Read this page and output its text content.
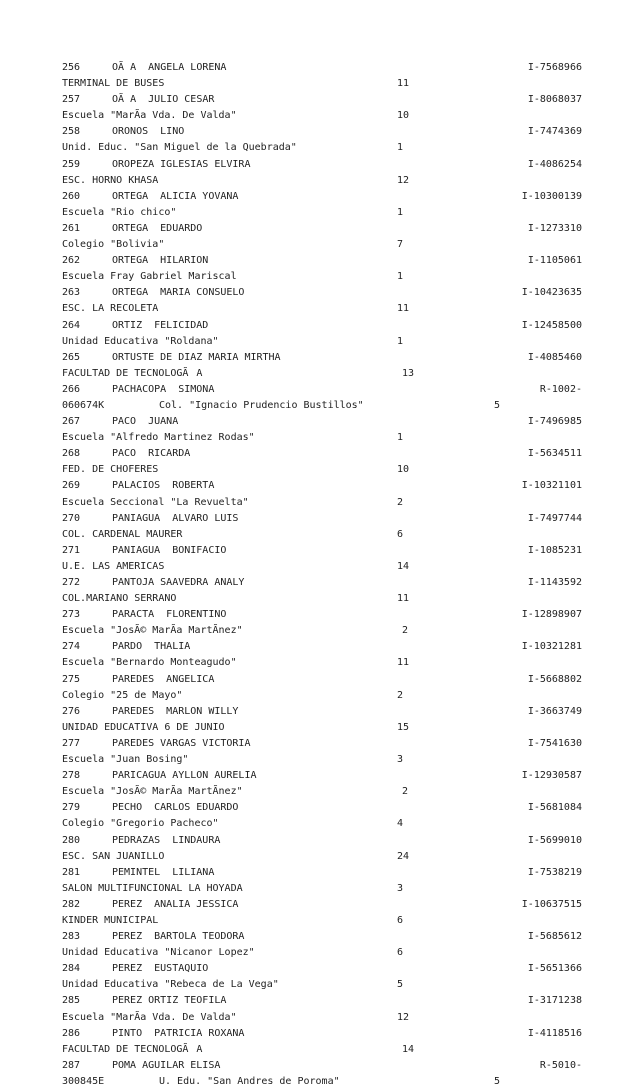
256	OÃA  ANGELA LORENA	I-7568966
TERMINAL DE BUSES	11
257	OÃA  JULIO CESAR	I-8068037
Escuela "MarÃa Vda. De Valda"	10
258	ORONOS  LINO	I-7474369
Unid. Educ. "San Miguel de la Quebrada"	1
259	OROPEZA IGLESIAS ELVIRA	I-4086254
ESC. HORNO KHASA	12
260	ORTEGA  ALICIA YOVANA	I-10300139
Escuela "Rio chico"	1
261	ORTEGA  EDUARDO	I-1273310
Colegio "Bolivia"	7
262	ORTEGA  HILARION	I-1105061
Escuela Fray Gabriel Mariscal	1
263	ORTEGA  MARIA CONSUELO	I-10423635
ESC. LA RECOLETA	11
264	ORTIZ  FELICIDAD	I-12458500
Unidad Educativa "Roldana"	1
265	ORTUSTE DE DIAZ MARIA MIRTHA	I-4085460
FACULTAD DE TECNOLOGÃA	13
266	PACHACOPA  SIMONA	R-1002-
060674K	Col. "Ignacio Prudencio Bustillos"	5
267	PACO  JUANA	I-7496985
Escuela "Alfredo Martinez Rodas"	1
268	PACO  RICARDA	I-5634511
FED. DE CHOFERES	10
269	PALACIOS  ROBERTA	I-10321101
Escuela Seccional "La Revuelta"	2
270	PANIAGUA  ALVARO LUIS	I-7497744
COL. CARDENAL MAURER	6
271	PANIAGUA  BONIFACIO	I-1085231
U.E. LAS AMERICAS	14
272	PANTOJA SAAVEDRA ANALY	I-1143592
COL.MARIANO SERRANO	11
273	PARACTA  FLORENTINO	I-12898907
Escuela "JosÃ© MarÃa MartÃnez"	2
274	PARDO  THALIA	I-10321281
Escuela "Bernardo Monteagudo"	11
275	PAREDES  ANGELICA	I-5668802
Colegio "25 de Mayo"	2
276	PAREDES  MARLON WILLY	I-3663749
UNIDAD EDUCATIVA 6 DE JUNIO	15
277	PAREDES VARGAS VICTORIA	I-7541630
Escuela "Juan Bosing"	3
278	PARICAGUA AYLLON AURELIA	I-12930587
Escuela "JosÃ© MarÃa MartÃnez"	2
279	PECHO  CARLOS EDUARDO	I-5681084
Colegio "Gregorio Pacheco"	4
280	PEDRAZAS  LINDAURA	I-5699010
ESC. SAN JUANILLO	24
281	PEMINTEL  LILIANA	I-7538219
SALON MULTIFUNCIONAL LA HOYADA	3
282	PEREZ  ANALIA JESSICA	I-10637515
KINDER MUNICIPAL	6
283	PEREZ  BARTOLA TEODORA	I-5685612
Unidad Educativa "Nicanor Lopez"	6
284	PEREZ  EUSTAQUIO	I-5651366
Unidad Educativa "Rebeca de La Vega"	5
285	PEREZ ORTIZ TEOFILA	I-3171238
Escuela "MarÃa Vda. De Valda"	12
286	PINTO  PATRICIA ROXANA	I-4118516
FACULTAD DE TECNOLOGÃA	14
287	POMA AGUILAR ELISA	R-5010-
300845E	U. Edu. "San Andres de Poroma"	5
